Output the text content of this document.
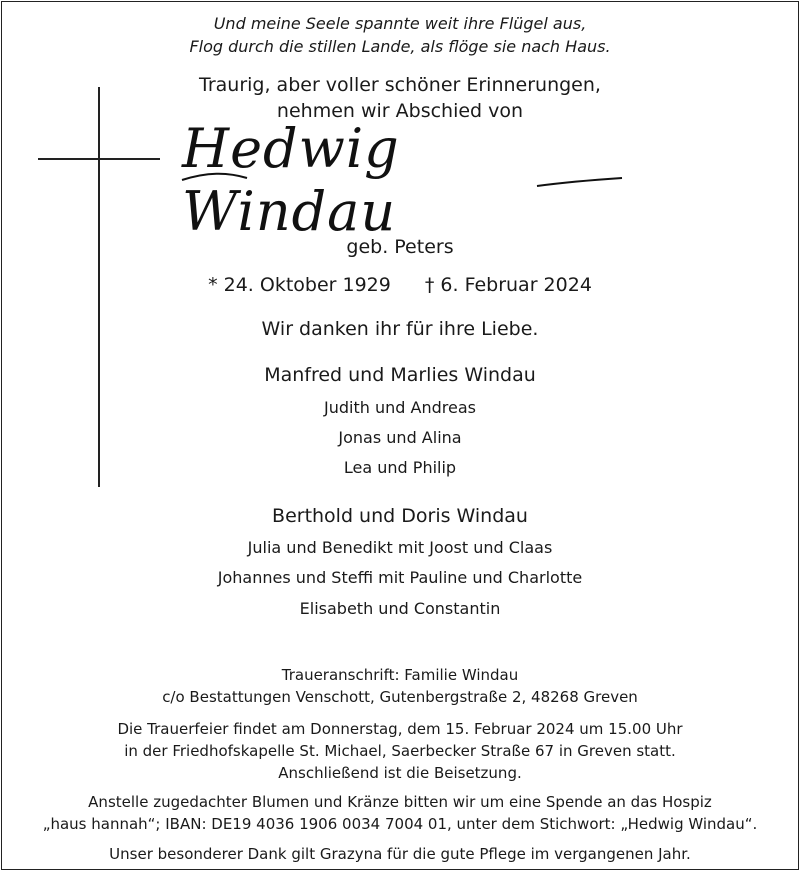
Und meine Seele spannte weit ihre Flügel aus,
Flog durch die stillen Lande, als flöge sie nach Haus.
Traurig, aber voller schöner Erinnerungen,
nehmen wir Abschied von
Hedwig Windau
geb. Peters
* 24. Oktober 1929 † 6. Februar 2024
Wir danken ihr für ihre Liebe.
Manfred und Marlies Windau
Judith und Andreas
Jonas und Alina
Lea und Philip
Berthold und Doris Windau
Julia und Benedikt mit Joost und Claas
Johannes und Steffi mit Pauline und Charlotte
Elisabeth und Constantin
Traueranschrift: Familie Windau
c/o Bestattungen Venschott, Gutenbergstraße 2, 48268 Greven
Die Trauerfeier findet am Donnerstag, dem 15. Februar 2024 um 15.00 Uhr
in der Friedhofskapelle St. Michael, Saerbecker Straße 67 in Greven statt.
Anschließend ist die Beisetzung.
Anstelle zugedachter Blumen und Kränze bitten wir um eine Spende an das Hospiz
„haus hannah“; IBAN: DE19 4036 1906 0034 7004 01, unter dem Stichwort: „Hedwig Windau“.
Unser besonderer Dank gilt Grazyna für die gute Pflege im vergangenen Jahr.
